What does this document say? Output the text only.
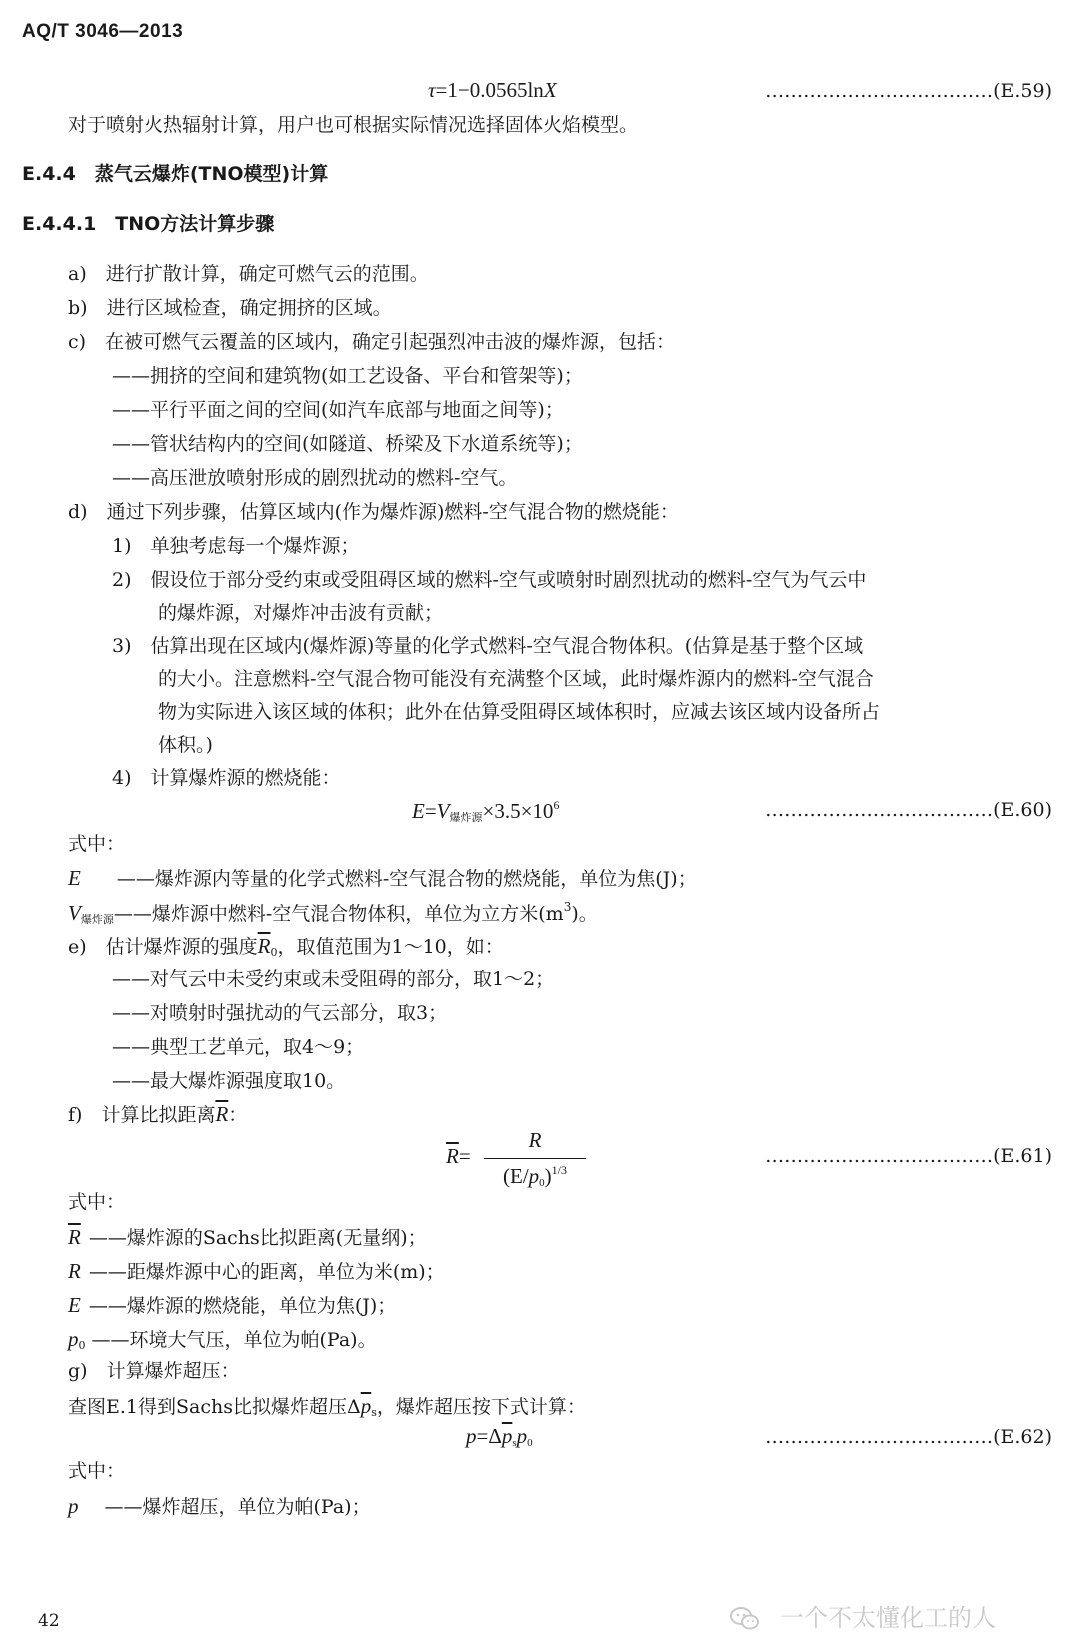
AQ/T 3046—2013
τ=1−0.0565lnX	………………………………(E.59)
对于喷射火热辐射计算，用户也可根据实际情况选择固体火焰模型。
E.4.4　蒸气云爆炸(TNO模型)计算
E.4.4.1　TNO方法计算步骤
a)　进行扩散计算，确定可燃气云的范围。
b)　进行区域检查，确定拥挤的区域。
c)　在被可燃气云覆盖的区域内，确定引起强烈冲击波的爆炸源，包括：
——拥挤的空间和建筑物(如工艺设备、平台和管架等)；
——平行平面之间的空间(如汽车底部与地面之间等)；
——管状结构内的空间(如隧道、桥梁及下水道系统等)；
——高压泄放喷射形成的剧烈扰动的燃料-空气。
d)　通过下列步骤，估算区域内(作为爆炸源)燃料-空气混合物的燃烧能：
1)　单独考虑每一个爆炸源；
2)　假设位于部分受约束或受阻碍区域的燃料-空气或喷射时剧烈扰动的燃料-空气为气云中
的爆炸源，对爆炸冲击波有贡献；
3)　估算出现在区域内(爆炸源)等量的化学式燃料-空气混合物体积。(估算是基于整个区域
的大小。注意燃料-空气混合物可能没有充满整个区域，此时爆炸源内的燃料-空气混合
物为实际进入该区域的体积；此外在估算受阻碍区域体积时，应减去该区域内设备所占
体积。)
4)　计算爆炸源的燃烧能：
$E=V_{爆炸源}\times 3.5\times 10^6$	………………………………(E.60)
式中：
E ——爆炸源内等量的化学式燃料-空气混合物的燃烧能，单位为焦(J)；
$V_{爆炸源}——$爆炸源中燃料-空气混合物体积，单位为立方米$(m^3)$。
e)　估计爆炸源的强度$\overline{R}_0$，取值范围为1～10，如：
——对气云中未受约束或未受阻碍的部分，取1～2；
——对喷射时强扰动的气云部分，取3；
——典型工艺单元，取4～9；
——最大爆炸源强度取10。
f)　计算比拟距离$\overline{R}$：
$\overline{R}=$
R
$(E/p_0)^{1/3}$
………………………………(E.61)
式中：
$\overline{R}$ ——爆炸源的Sachs比拟距离(无量纲)；
R ——距爆炸源中心的距离，单位为米(m)；
E ——爆炸源的燃烧能，单位为焦(J)；
$p_0$ ——环境大气压，单位为帕(Pa)。
g)　计算爆炸超压：
查图E.1得到Sachs比拟爆炸超压$\Delta\overline{p}_s$，爆炸超压按下式计算：
$p=\Delta\overline{p}_sp_0$	………………………………(E.62)
式中：
p ——爆炸超压，单位为帕(Pa)；
42	一个不太懂化工的人
